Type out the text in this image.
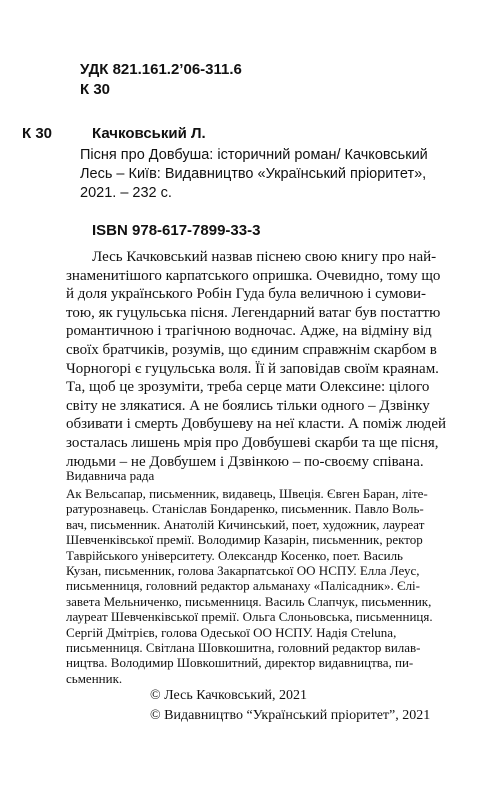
УДК 821.161.2’06-311.6
К 30
К 30	Качковський Л.
Пісня про Довбуша: історичний роман/ Качковський
Лесь – Київ: Видавництво «Український пріоритет»,
2021. – 232 с.
ISBN 978-617-7899-33-3
Лесь Качковський назвав піснею свою книгу про най-
знаменитішого карпатського опришка. Очевидно, тому що
й доля українського Робін Гуда була величною і сумови-
тою, як гуцульська пісня. Легендарний ватаг був постаттю
романтичною і трагічною водночас. Адже, на відміну від
своїх братчиків, розумів, що єдиним справжнім скарбом в
Чорногорі є гуцульська воля. Її й заповідав своїм краянам.
Та, щоб це зрозуміти, треба серце мати Олексине: цілого
світу не злякатися. А не боялись тільки одного – Дзвінку
обзивати і смерть Довбушеву на неї класти. А поміж людей
зосталась лишень мрія про Довбушеві скарби та ще пісня,
людьми – не Довбушем і Дзвінкою – по-своєму співана.
Видавнича рада
Ак Вельсапар, письменник, видавець, Швеція. Євген Баран, літе-
ратурознавець. Станіслав Бондаренко, письменник. Павло Воль-
вач, письменник. Анатолій Кичинський, поет, художник, лауреат
Шевченківської премії. Володимир Казарін, письменник, ректор
Таврійського університету. Олександр Косенко, поет. Василь
Кузан, письменник, голова Закарпатської ОО НСПУ. Елла Леус,
письменниця, головний редактор альманаху «Палісадник». Єлі-
завета Мельниченко, письменниця. Василь Слапчук, письменник,
лауреат Шевченківської премії. Ольга Слоньовська, письменниця.
Сергій Дмітрієв, голова Одеської ОО НСПУ. Надія Стеluna,
письменниця. Світлана Шовкошитна, головний редактор вилав-
ництва. Володимир Шовкошитний, директор видавництва, пи-
сьменник.
© Лесь Качковський, 2021
© Видавництво “Український пріоритет”, 2021
